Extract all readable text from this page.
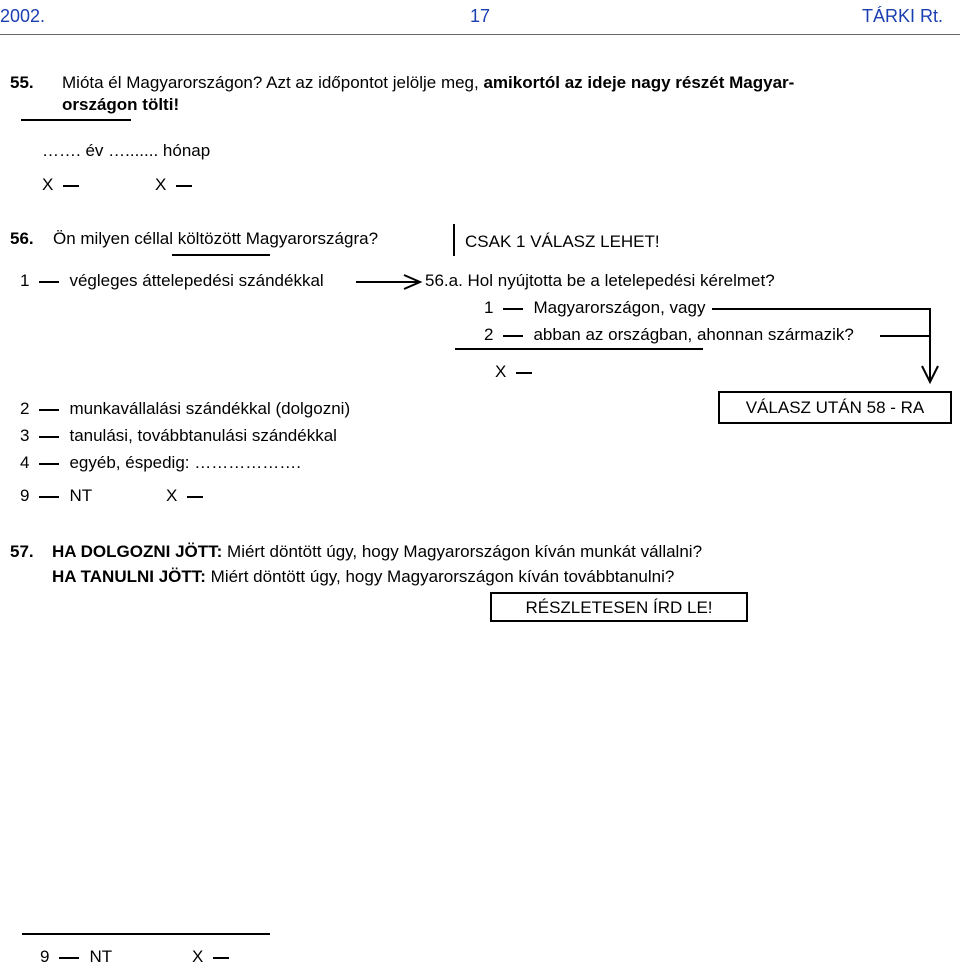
2002.	17	TÁRKI Rt.
55. Mióta él Magyarországon? Azt az időpontot jelölje meg, amikortól az ideje nagy részét Magyar-
országon tölti!
……. év …....... hónap
X	X
56. Ön milyen céllal költözött Magyarországra?	CSAK 1 VÁLASZ LEHET!
1 végleges áttelepedési szándékkal	56.a. Hol nyújtotta be a letelepedési kérelmet?
1 Magyarországon, vagy
2 abban az országban, ahonnan származik?
X
VÁLASZ UTÁN 58 - RA
2 munkavállalási szándékkal (dolgozni)
3 tanulási, továbbtanulási szándékkal
4 egyéb, éspedig: ……………….
9 NT	X
57. HA DOLGOZNI JÖTT: Miért döntött úgy, hogy Magyarországon kíván munkát vállalni?
HA TANULNI JÖTT: Miért döntött úgy, hogy Magyarországon kíván továbbtanulni?
RÉSZLETESEN ÍRD LE!
9 NT	X
